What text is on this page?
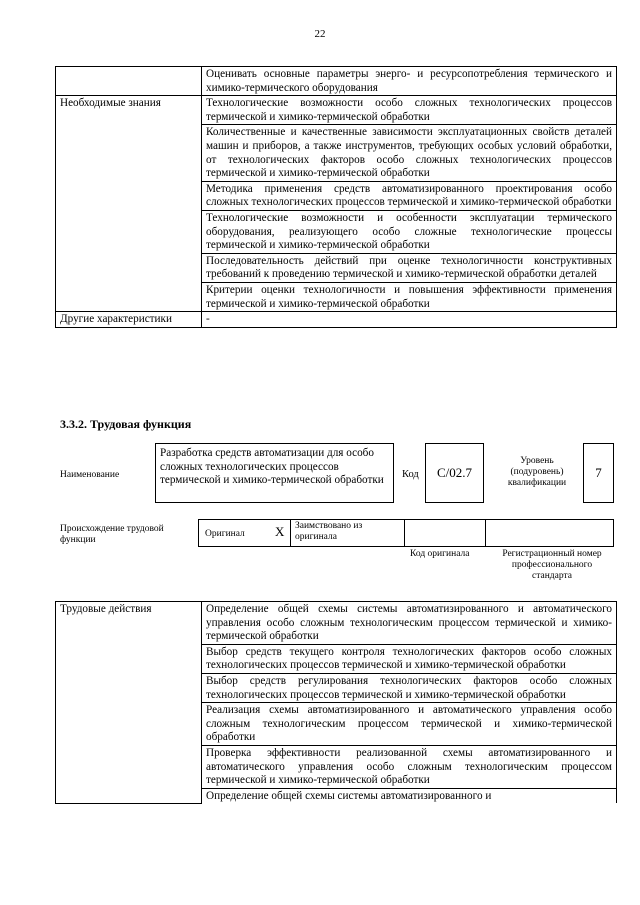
22
	Оценивать основные параметры энерго- и ресурсопотребления термического и химико-термического оборудования
Необходимые знания	Технологические возможности особо сложных технологических процессов термической и химико-термической обработки
	Количественные и качественные зависимости эксплуатационных свойств деталей машин и приборов, а также инструментов, требующих особых условий обработки, от технологических факторов особо сложных технологических процессов термической и химико-термической обработки
	Методика применения средств автоматизированного проектирования особо сложных технологических процессов термической и химико-термической обработки
	Технологические возможности и особенности эксплуатации термического оборудования, реализующего особо сложные технологические процессы термической и химико-термической обработки
	Последовательность действий при оценке технологичности конструктивных требований к проведению термической и химико-термической обработки деталей
	Критерии оценки технологичности и повышения эффективности применения термической и химико-термической обработки
Другие характеристики	-
3.3.2. Трудовая функция
Наименование
Разработка средств автоматизации для особо сложных технологических процессов термической и химико-термической обработки	Код	C/02.7
Уровень (подуровень) квалификации
7
Происхождение трудовой функции
Оригинал X	Заимствовано из оригинала
Код оригинала	Регистрационный номер профессионального стандарта
Трудовые действия	Определение общей схемы системы автоматизированного и автоматического управления особо сложным технологическим процессом термической и химико-термической обработки
Выбор средств текущего контроля технологических факторов особо сложных технологических процессов термической и химико-термической обработки
Выбор средств регулирования технологических факторов особо сложных технологических процессов термической и химико-термической обработки
Реализация схемы автоматизированного и автоматического управления особо сложным технологическим процессом термической и химико-термической обработки
Проверка эффективности реализованной схемы автоматизированного и автоматического управления особо сложным технологическим процессом термической и химико-термической обработки
Определение общей схемы системы автоматизированного и
